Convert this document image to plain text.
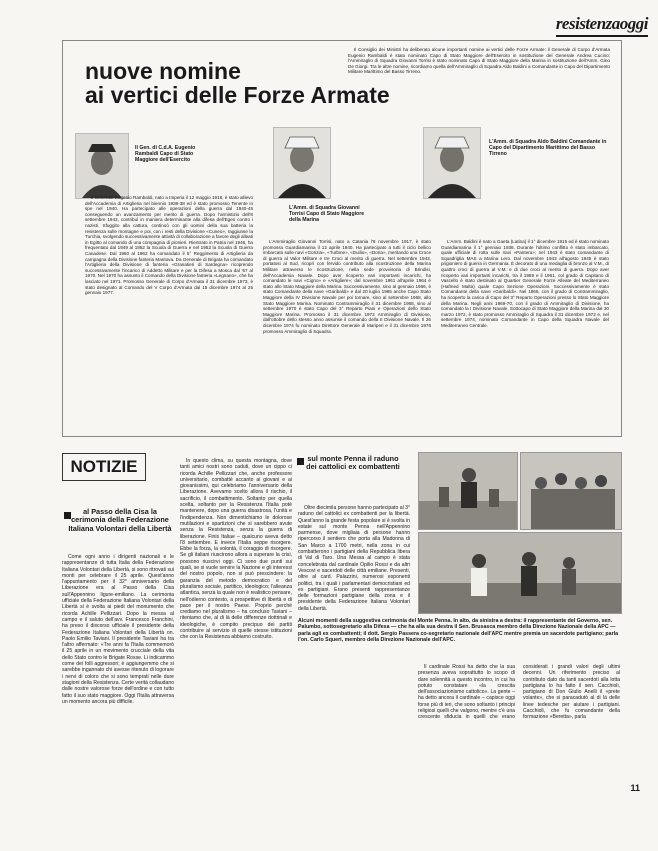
resistenzaoggi
nuove nomine
ai vertici delle Forze Armate

Il Consiglio dei Ministri ha deliberato alcune importanti nomine ai vertici delle Forze Armate: il Generale di Corpo d'Armata Eugenio Rambaldi è stato nominato Capo di Stato Maggiore dell'Esercito in sostituzione del Generale Andrea Cucino; l'Ammiraglio di Squadra Giovanni Torrisi è stato nominato Capo di Stato Maggiore della Marina in sostituzione dell'Amm. Gino De Giorgi. Tra le altre nomine, ricordiamo quella dell'Ammiraglio di Squadra Aldo Baldini a Comandante in Capo del Dipartimento Militare Marittimo del Basso Tirreno.

Il Gen. di C.d.A. Eugenio Rambaldi Capo di Stato Maggiore dell'Esercito
L'Amm. di Squadra Giovanni Torrisi Capo di Stato Maggiore della Marina
L'Amm. di Squadra Aldo Baldini Comandante in Capo del Dipartimento Marittimo del Basso Tirreno

Il Generale Eugenio Rambaldi, nato a Imperia il 12 maggio 1918, è stato allievo dell'Accademia di Artiglieria nel biennio 1936-38 ed è stato promosso Tenente in spe nel 1940. Ha partecipato alle operazioni della guerra dal 1940-45 conseguendo un avanzamento per merito di guerra. Dopo l'armistizio dell'8 settembre 1943, contribuì in maniera determinante alla difesa dell'Egeo contro i nazisti. Sfuggito alla cattura, continuò con gli uomini della sua batteria la resistenza sulle montagne e poi, con i resti della Divisione «Cuneo», raggiunse la Turchia, svolgendo successivamente attività di collaborazione a favore degli alleati in Egitto al comando di una compagnia di pionieri. Rientrato in Patria nel 1946, ha frequentato dal 1949 al 1952 la Scuola di Guerra e nel 1953 la Scuola di Guerra Canadese. Dal 1960 al 1962 ha comandato il 5° Reggimento di Artiglieria da campagna della Divisione fanteria Mantova. Da Generale di Brigata ha comandato l'Artiglieria della Divisione di fanteria «Granatieri di Sardegna» ricoprendo successivamente l'incarico di Addetto Militare e per la Difesa a Mosca dal '67 al 1970. Nel 1970 ha assunto il Comando della Divisione fanteria «Legnano», che ha lasciato nel 1971. Promosso Generale di Corpo d'Armata il 31 dicembre 1973, è stato designato al Comando del V Corpo d'Armata dal 15 dicembre 1974 al 25 gennaio 1977.

L'Ammiraglio Giovanni Torrisi, nato a Catania l'8 novembre 1917, è stato promosso Guardiamarina il 12 aprile 1940. Ha partecipato a tutti il ciclo bellico imbarcato sulle navi «Gorizia», «Turbine», «Duilio», «Doria», meritando una Croce di guerra al Valor Militare e tre Croci al merito di guerra. Nel settembre 1943, portatosi al Sud, ricoprì con fervido contributo alla ricostruzione della Marina Militare attraverso le ricostruzione, nella sede provvisoria di Brindisi, dell'Accademia Navale. Dopo aver ricoperto vari importanti incarichi, ha comandato le navi «Cigno» e «Artigliere»; dal novembre 1961 all'aprile 1964 è stato allo Stato Maggiore della Marina. Successivamente, sino al gennaio 1966, è stato Comandante della nave «Garibaldi» e dal 20 luglio 1965 anche Capo Stato Maggiore della IV Divisione Navale per poi tornare, sino al settembre 1968, allo Stato Maggiore Marina. Nominato Contrammiraglio il 31 dicembre 1968, sino al settembre 1970 è stato Capo del 3° Reparto Piani e Operazioni dello Stato Maggiore Marina. Promosso il 31 dicembre 1972 Ammiraglio di Divisione, dall'ottobre dello stesso anno assunse il comando della II Divisione Navale. Il 26 dicembre 1974 fu nominato Direttore Generale di Mariperi e il 31 dicembre 1976 promosso Ammiraglio di Squadra.

L'Amm. Baldini è nato a Gaeta (Latina) il 1° dicembre 1915 ed è stato nominato Guardiamarina il 1° gennaio 1938. Durante l'ultimo conflitto è stato imbarcato, quale ufficiale di rotta sulle navi «Pantera»; nel 1943 è stato comandante di Squadriglia MAS a Marina Lero. Dal novembre 1943 all'agosto 1945 è stato prigioniero di guerra in Germania. È decorato di una medaglia di bronzo al V.M., di quattro croci di guerra al V.M. e di due croci al merito di guerra. Dopo aver ricoperto vari importanti incarichi, tra il 1959 e il 1961, col grado di Capitano di Vascello è stato destinato al Quartier Generale Forze Alleate del Mediterraneo (Hafmed Malta) quale Capo Sezione Operazioni. Successivamente è stato Comandante della nave «Garibaldi». Nel 1966, con il grado di Contrammiraglio, ha ricoperto la carica di Capo del 3° Reparto Operazioni presso lo Stato Maggiore della Marina. Negli anni 1969-70, con il grado di Ammiraglio di Divisione, ha comandato la I Divisione Navale. Sottocapo di Stato Maggiore della Marina dal 30 marzo 1972, è stato promosso Ammiraglio di Squadra il 31 dicembre 1972 e, nel settembre 1974, nominato Comandante in Capo della Squadra Navale del Mediterraneo Centrale.

NOTIZIE
al Passo della Cisa la cerimonia della Federazione Italiana Volontari della Libertà

Come ogni anno i dirigenti nazionali e le rappresentanze di tutta Italia della Federazione Italiana Volontari della Libertà, si sono ritrovati sui monti per celebrare il 25 aprile. Quest'anno l'appuntamento per il 32° anniversario della Liberazione era al Passo della Cisa sull'Appennino ligure-emiliano. La cerimonia ufficiale della Federazione Italiana Volontari della Libertà si è svolta ai piedi del monumento che ricorda Achille Pellizzari. Dopo la messa al campo e il saluto dell'avv. Francesco Franchini, ha preso il discorso ufficiale il presidente della Federazione Italiana Volontari della Libertà on. Paolo Emilio Taviani. Il presidente Taviani ha tra l'altro affermato: «Tre anni fa l'Italia commemorò il 25 aprile in un movimento crucciale della vita dello Stato contro le Brigate Rosse. Li indicammo come dei folli aggressori; è aggiungemmo che si sarebbe ingannato chi avesse ritenuto di logorare i nervi di coloro che si sono temprati nelle dure stagioni della Resistenza. Certe verità collaudano dalle nostre valorose forze dell'ordine e con tutto fatto il suo stato maggiore. Oggi l'Italia attraversa un momento ancora più difficile.

In questo clima, su questa montagna, dove tanti amici nostri sono caduti, dove un cippo ci ricorda Achille Pellizzari che, anche professore universitario, combatté accanto ai giovani e ai giovanissimi, qui celebriamo l'anniversario della Liberazione. Avevamo scelto allora il rischio, il sacrificio, il combattimento. Soltanto per quella scelta, soltanto per la Resistenza l'Italia potè mantenere, dopo una guerra disastrosa, l'unità e l'indipendenza. Non dimentichiamo le dolorose mutilazioni e spartizioni che si sarebbero avute senza la Resistenza, senza la guerra di liberazione. Finis Italiae – qualcuno aveva detto l'8 settembre. E invece l'Italia seppe risorgere. Ebbe la forza, la volontà, il coraggio di risorgere. Se gli italiani riuscirono allora a superare la crisi, possono riuscirvi oggi. Ci sono due punti sui quali, se si vuole servire la Nazione e gli interessi del nostro popolo, non si può prescindere: la garanzia del metodo democratico e del pluralismo sociale, partitico, ideologico; l'alleanza atlantica, senza la quale non è realistico pensare, nell'odierno contesto, a prospettive di libertà e di pace per il nostro Paese. Proprio perché crediamo nel pluralismo – ha concluso Taviani – riteniamo che, al di là delle differenze dottrinali e ideologiche, è compito precipuo dei partiti contribuire al servizio di quelle stesse istituzioni che con la Resistenza abbiamo costruito.

sul monte Penna il raduno dei cattolici ex combattenti

Oltre diecimila persone hanno partecipato al 3° raduno del cattolici ex combattenti per la libertà. Quest'anno la grande festa popolare si è svolta in estate sul monte Penna nell'Appennino parmense, dove migliaia di persone hanno ripercorso il sentiero che porta alla Madonna di San Marco a 1700 metri, nella zona in cui combatterono i partigiani della Repubblica libera di Val di Taro. Una Messa al campo è stata concelebrata dal cardinale Opilio Rossi e da altri Vescovi e sacerdoti delle città emiliane. Presenti, oltre al card. Palazzini, numerosi esponenti politici, tra i quali i parlamentari democristiani ed ex partigiani. Erano presenti rappresentanze delle formazioni partigiane della zona e il presidente della Federazione Italiana Volontari della Libertà.

Alcuni momenti della suggestiva cerimonia del Monte Penna. In alto, da sinistra a destra: il rappresentante del Governo, sen. Palumbo, sottosegretario alla Difesa — che ha alla sua destra il Sen. Brusasca membro della Direzione Nazionale della APC — parla agli ex combattenti; il dott. Sergio Passera co-segretario nazionale dell'APC mentre premia un sacerdote partigiano; parla l'on. Carlo Squeri, membro della Direzione Nazionale dell'APC.

Il cardinale Rossi ha detto che la sua presenza aveva soprattutto lo scopo di dare solennità a questo incontro, in cui ha potuto constatare «la crescita dell'associazionismo cattolico». La gente – ha detto ancora il cardinale – capisce oggi forse più di ieri, che sono soltanto i principi religiosi quelli che valgono, mentre c'è una crescente sfiducia in quelli che erano considerati i grandi valori degli ultimi decenni. Un riferimento preciso al contributo dato da tanti sacerdoti alla lotta partigiana lo ha fatto il sen. Cacchioli, partigiano di Don Giulio Anelli il «prete volante», che si paracadutò al di là delle linee tedesche per aiutare i partigiani. Cacchioli, che fu comandante della formazione «Beretta», parla

11
